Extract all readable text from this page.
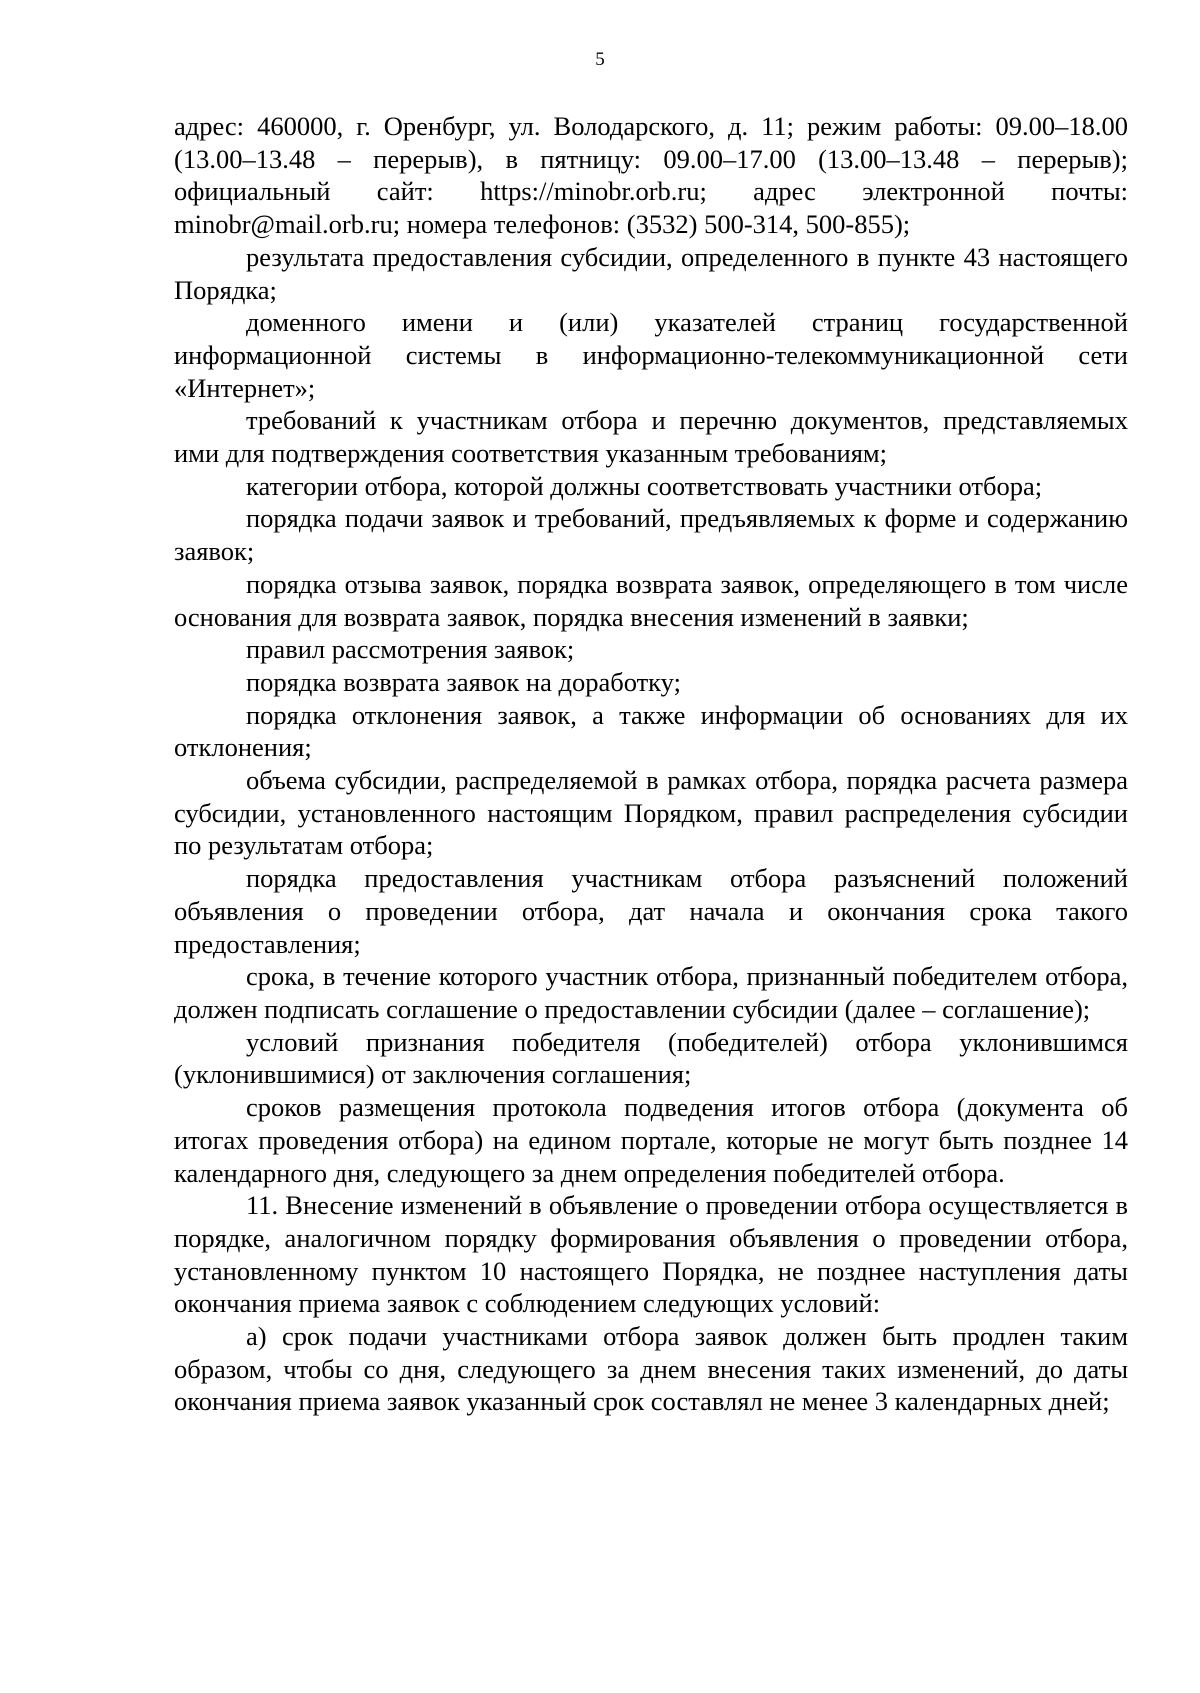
5

адрес: 460000, г. Оренбург, ул. Володарского, д. 11; режим работы: 09.00–18.00 (13.00–13.48 – перерыв), в пятницу: 09.00–17.00 (13.00–13.48 – перерыв); официальный сайт: https://minobr.orb.ru; адрес электронной почты: minobr@mail.orb.ru; номера телефонов: (3532) 500-314, 500-855);

результата предоставления субсидии, определенного в пункте 43 настоящего Порядка;

доменного имени и (или) указателей страниц государственной информационной системы в информационно-телекоммуникационной сети «Интернет»;

требований к участникам отбора и перечню документов, представляемых ими для подтверждения соответствия указанным требованиям;

категории отбора, которой должны соответствовать участники отбора;

порядка подачи заявок и требований, предъявляемых к форме и содержанию заявок;

порядка отзыва заявок, порядка возврата заявок, определяющего в том числе основания для возврата заявок, порядка внесения изменений в заявки;

правил рассмотрения заявок;

порядка возврата заявок на доработку;

порядка отклонения заявок, а также информации об основаниях для их отклонения;

объема субсидии, распределяемой в рамках отбора, порядка расчета размера субсидии, установленного настоящим Порядком, правил распределения субсидии по результатам отбора;

порядка предоставления участникам отбора разъяснений положений объявления о проведении отбора, дат начала и окончания срока такого предоставления;

срока, в течение которого участник отбора, признанный победителем отбора, должен подписать соглашение о предоставлении субсидии (далее – соглашение);

условий признания победителя (победителей) отбора уклонившимся (уклонившимися) от заключения соглашения;

сроков размещения протокола подведения итогов отбора (документа об итогах проведения отбора) на едином портале, которые не могут быть позднее 14 календарного дня, следующего за днем определения победителей отбора.

11. Внесение изменений в объявление о проведении отбора осуществляется в порядке, аналогичном порядку формирования объявления о проведении отбора, установленному пунктом 10 настоящего Порядка, не позднее наступления даты окончания приема заявок с соблюдением следующих условий:

а) срок подачи участниками отбора заявок должен быть продлен таким образом, чтобы со дня, следующего за днем внесения таких изменений, до даты окончания приема заявок указанный срок составлял не менее 3 календарных дней;
